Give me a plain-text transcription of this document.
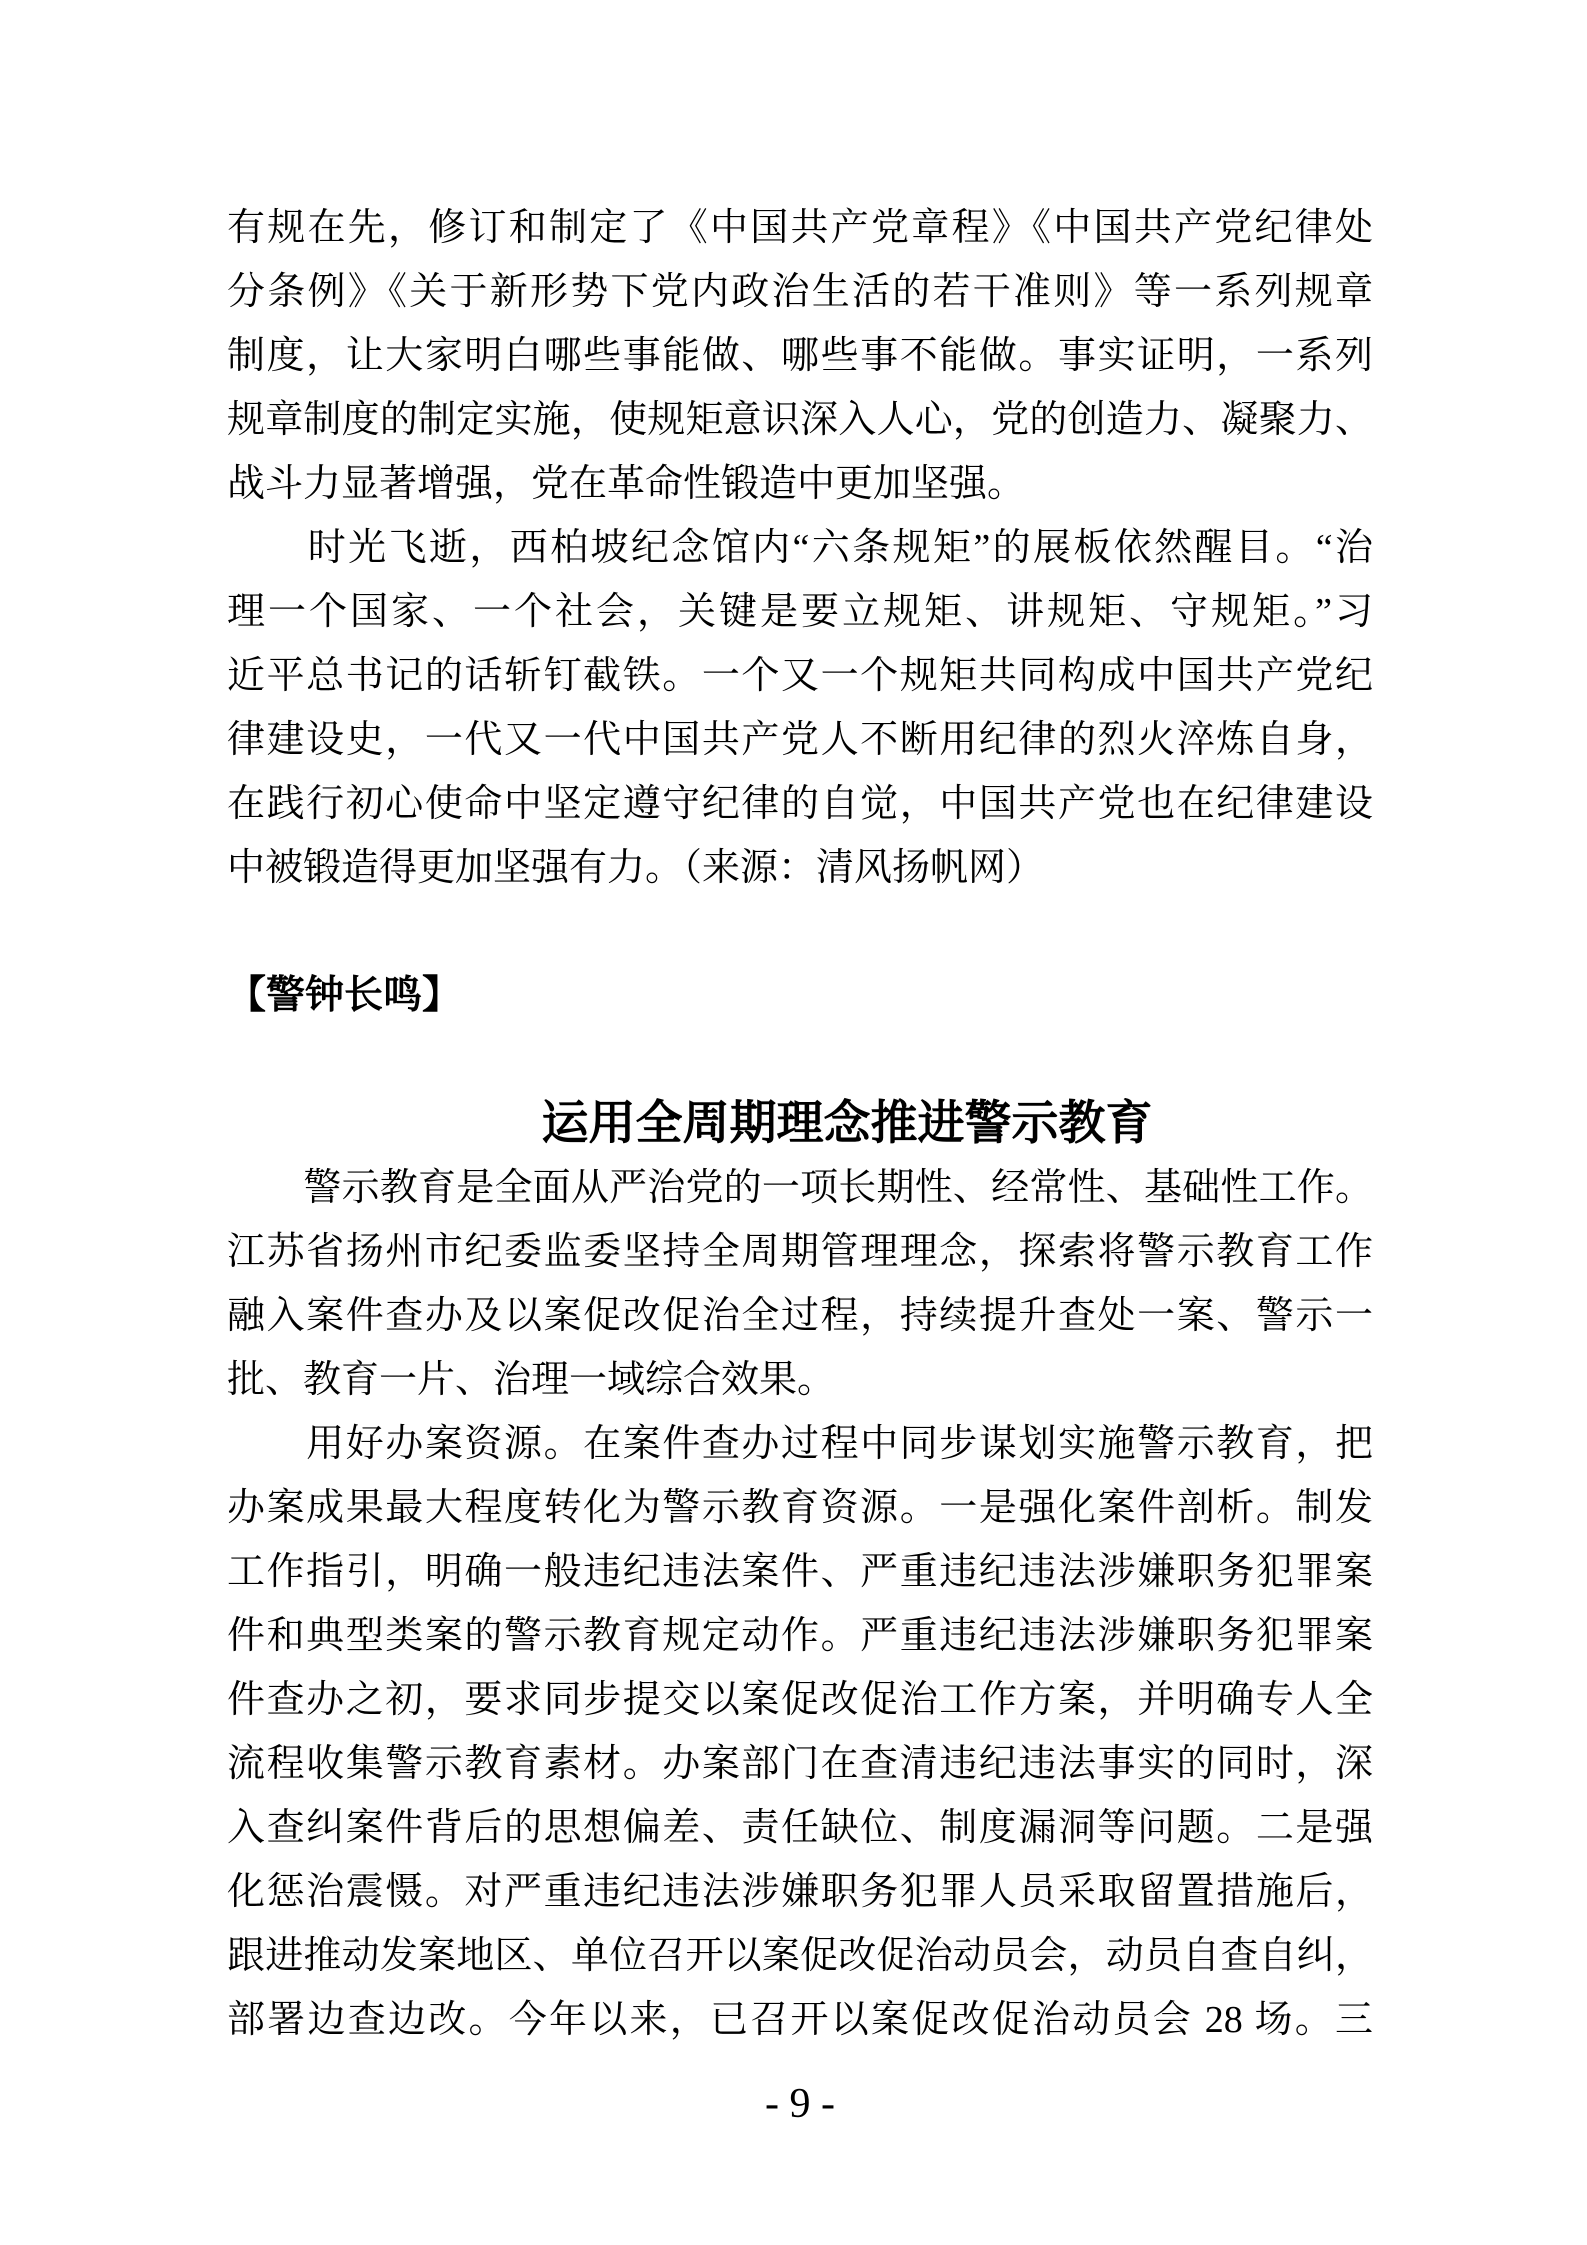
有规在先，修订和制定了《中国共产党章程》《中国共产党纪律处
分条例》《关于新形势下党内政治生活的若干准则》等一系列规章
制度，让大家明白哪些事能做、哪些事不能做。事实证明，一系列
规章制度的制定实施，使规矩意识深入人心，党的创造力、凝聚力、
战斗力显著增强，党在革命性锻造中更加坚强。
　　时光飞逝，西柏坡纪念馆内“六条规矩”的展板依然醒目。“治
理一个国家、一个社会，关键是要立规矩、讲规矩、守规矩。”习
近平总书记的话斩钉截铁。一个又一个规矩共同构成中国共产党纪
律建设史，一代又一代中国共产党人不断用纪律的烈火淬炼自身，
在践行初心使命中坚定遵守纪律的自觉，中国共产党也在纪律建设
中被锻造得更加坚强有力。（来源：清风扬帆网）
【警钟长鸣】
运用全周期理念推进警示教育
　　警示教育是全面从严治党的一项长期性、经常性、基础性工作。
江苏省扬州市纪委监委坚持全周期管理理念，探索将警示教育工作
融入案件查办及以案促改促治全过程，持续提升查处一案、警示一
批、教育一片、治理一域综合效果。
　　用好办案资源。在案件查办过程中同步谋划实施警示教育，把
办案成果最大程度转化为警示教育资源。一是强化案件剖析。制发
工作指引，明确一般违纪违法案件、严重违纪违法涉嫌职务犯罪案
件和典型类案的警示教育规定动作。严重违纪违法涉嫌职务犯罪案
件查办之初，要求同步提交以案促改促治工作方案，并明确专人全
流程收集警示教育素材。办案部门在查清违纪违法事实的同时，深
入查纠案件背后的思想偏差、责任缺位、制度漏洞等问题。二是强
化惩治震慑。对严重违纪违法涉嫌职务犯罪人员采取留置措施后，
跟进推动发案地区、单位召开以案促改促治动员会，动员自查自纠，
部署边查边改。今年以来，已召开以案促改促治动员会 28 场。三
- 9 -
